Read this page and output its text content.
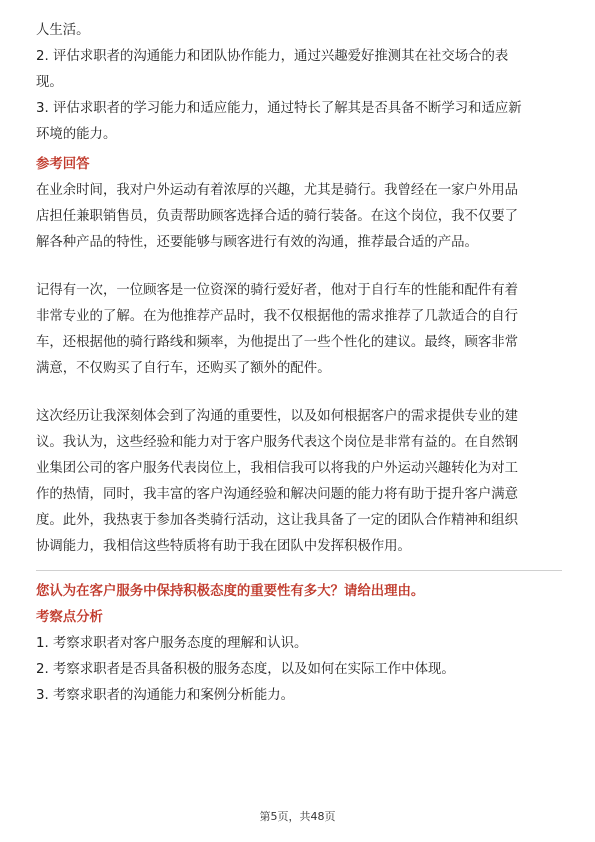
人生活。

2. 评估求职者的沟通能力和团队协作能力，通过兴趣爱好推测其在社交场合的表

现。

3. 评估求职者的学习能力和适应能力，通过特长了解其是否具备不断学习和适应新

环境的能力。

参考回答

在业余时间，我对户外运动有着浓厚的兴趣，尤其是骑行。我曾经在一家户外用品

店担任兼职销售员，负责帮助顾客选择合适的骑行装备。在这个岗位，我不仅要了

解各种产品的特性，还要能够与顾客进行有效的沟通，推荐最合适的产品。

记得有一次，一位顾客是一位资深的骑行爱好者，他对于自行车的性能和配件有着

非常专业的了解。在为他推荐产品时，我不仅根据他的需求推荐了几款适合的自行

车，还根据他的骑行路线和频率，为他提出了一些个性化的建议。最终，顾客非常

满意，不仅购买了自行车，还购买了额外的配件。

这次经历让我深刻体会到了沟通的重要性，以及如何根据客户的需求提供专业的建

议。我认为，这些经验和能力对于客户服务代表这个岗位是非常有益的。在自然钢

业集团公司的客户服务代表岗位上，我相信我可以将我的户外运动兴趣转化为对工

作的热情，同时，我丰富的客户沟通经验和解决问题的能力将有助于提升客户满意

度。此外，我热衷于参加各类骑行活动，这让我具备了一定的团队合作精神和组织

协调能力，我相信这些特质将有助于我在团队中发挥积极作用。

您认为在客户服务中保持积极态度的重要性有多大？请给出理由。
考察点分析

1. 考察求职者对客户服务态度的理解和认识。

2. 考察求职者是否具备积极的服务态度，以及如何在实际工作中体现。

3. 考察求职者的沟通能力和案例分析能力。

第5页，共48页
